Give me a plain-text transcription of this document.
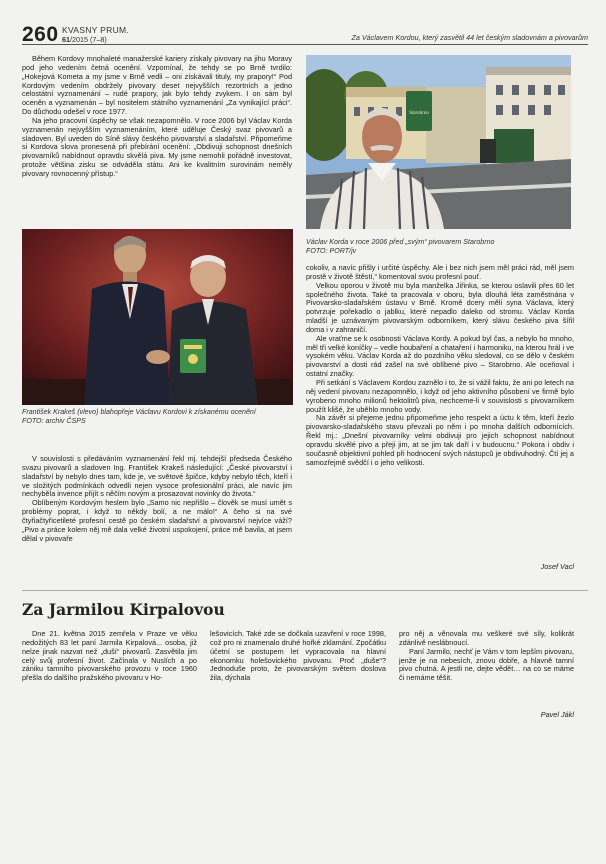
260 KVASNY PRUM.
61/2015 (7–8)	Za Václavem Kordou, který zasvětil 44 let českým sladovnám a pivovarům

Během Kordovy mnohaleté manažerské kariery získaly pivovary na jihu Moravy pod jeho vedením četná ocenění. Vzpomínal, že tehdy se po Brně tvrdilo: „Hokejová Kometa a my jsme v Brně vedli – oni získávali tituly, my prapory!“ Pod Kordovým vedením obdržely pivovary deset nejvyšších rezortních a jedno celostátní vyznamenání – rudé prapory, jak bylo tehdy zvykem. I on sám byl oceněn a vyznamenán – byl nositelem státního vyznamenání „Za vynikající práci“. Do důchodu odešel v roce 1977.

Na jeho pracovní úspěchy se však nezapomnělo. V roce 2006 byl Václav Korda vyznamenán nejvyšším vyznamenáním, které uděluje Český svaz pivovarů a sladoven. Byl uveden do Síně slávy českého pivovarství a sladařství. Připomeňme si Kordova slova pronesená při přebírání ocenění: „Obdivuji schopnost dnešních pivovarníků nabídnout opravdu skvělá piva. My jsme nemohli pořádně investovat, protože většina zisku se odváděla státu. Ani ke kvalitním surovinám neměly pivovary rovnocenný přístup.“

František Krakeš (vlevo) blahopřeje Václavu Kordovi k získanému ocenění
FOTO: archiv ČSPS

V souvislosti s předáváním vyznamenání řekl mj. tehdejší předseda Českého svazu pivovarů a sladoven Ing. František Krakeš následující: „České pivovarství i sladařství by nebylo dnes tam, kde je, ve světové špičce, kdyby nebylo těch, kteří i ve složitých podmínkách odvedli nejen vysoce profesionální práci, ale navíc jim nechyběla invence přijít s něčím novým a prosazovat novinky do života.“

Oblíbeným Kordovým heslem bylo „Samo nic nepřišlo – člověk se musí umět s problémy poprat, i když to někdy bolí, a ne málo!“ A čeho si na své čtyřiačtyřicetileté profesní cestě po českém sladařství a pivovarství nejvíce váží? „Pivo a práce kolem něj mě dala velké životní uspokojení, práce mě bavila, at jsem dělal v pivovaře

Starobrno
Václav Korda v roce 2006 před „svým“ pivovarem Starobrno
FOTO: PORT/jv

cokoliv, a navíc přišly i určité úspěchy. Ale i bez nich jsem měl práci rád, měl jsem prostě v životě štěstí,“ komentoval svou profesní pouť.

Velkou oporou v životě mu byla manželka Jiřinka, se kterou oslavili přes 60 let společného života. Také ta pracovala v oboru, byla dlouhá léta zaměstnána v Pivovarsko-sladařském ústavu v Brně. Kromě dcery měli syna Václava, který potvrzuje pořekadlo o jablku, které nepadlo daleko od stromu. Václav Korda mladší je uznávaným pivovarským odborníkem, který slávu českého piva šířil doma i v zahraničí.

Ale vraťme se k osobnosti Václava Kordy. A pokud byl čas, a nebylo ho mnoho, měl tři velké koníčky – vedle houbaření a chataření i harmoniku, na kterou hrál i ve vysokém věku. Václav Korda až do pozdního věku sledoval, co se dělo v českém pivovarství a dosti rád zašel na své oblíbené pivo – Starobrno. Ale oceňoval i ostatní značky.

Při setkání s Václavem Kordou zaznělo i to, že si vážil faktu, že ani po letech na něj vedení pivovaru nezapomnělo, i když od jeho aktivního působení ve firmě bylo vyrobeno mnoho milionů hektolitrů piva, nechceme-li v souvislosti s pivovarníkem použít klišé, že uběhlo mnoho vody.

Na závěr si přejeme jednu připomeňme jeho respekt a úctu k těm, kteří žezlo pivovarsko-sladařského stavu převzali po něm i po mnoha dalších odbornících. Řekl mj.: „Dnešní pivovarníky velmi obdivuji pro jejich schopnost nabídnout opravdu skvělé pivo a přeji jim, at se jim tak daří i v budoucnu.“ Pokora i obdiv i současně objektivní pohled při hodnocení svých nástupců je obdivuhodný. Čtí jej a samozřejmě svědčí i o jeho velikosti.

Josef Vacl
Za Jarmilou Kirpalovou

Dne 21. května 2015 zemřela v Praze ve věku nedožitých 83 let paní Jarmila Kirpalová... osoba, již nelze jinak nazvat než „duší“ pivovarů. Zasvětila jim celý svůj profesní život. Začínala v Nuslích a po zániku tamního pivovarského provozu v roce 1960 přešla do dalšího pražského pivovaru v Ho-

lešovicích. Také zde se dočkala uzavření v roce 1998, což pro ni znamenalo druhé hořké zklamání. Zpočátku účetní se postupem let vypracovala na hlavní ekonomku holešovického pivovaru. Proč „duše“? Jednoduše proto, že pivovarským světem doslova žila, dýchala

pro něj a věnovala mu veškeré své síly, kolikrát zdánlivě neslábnoucí.

Paní Jarmilo, nechť je Vám v tom lepším pivovaru, jenže je na nebesích, znovu dobře, a hlavně tamní pivo chutná. A jestli ne, dejte vědět… na co se máme či nemáme těšit.

Pavel Jákl
